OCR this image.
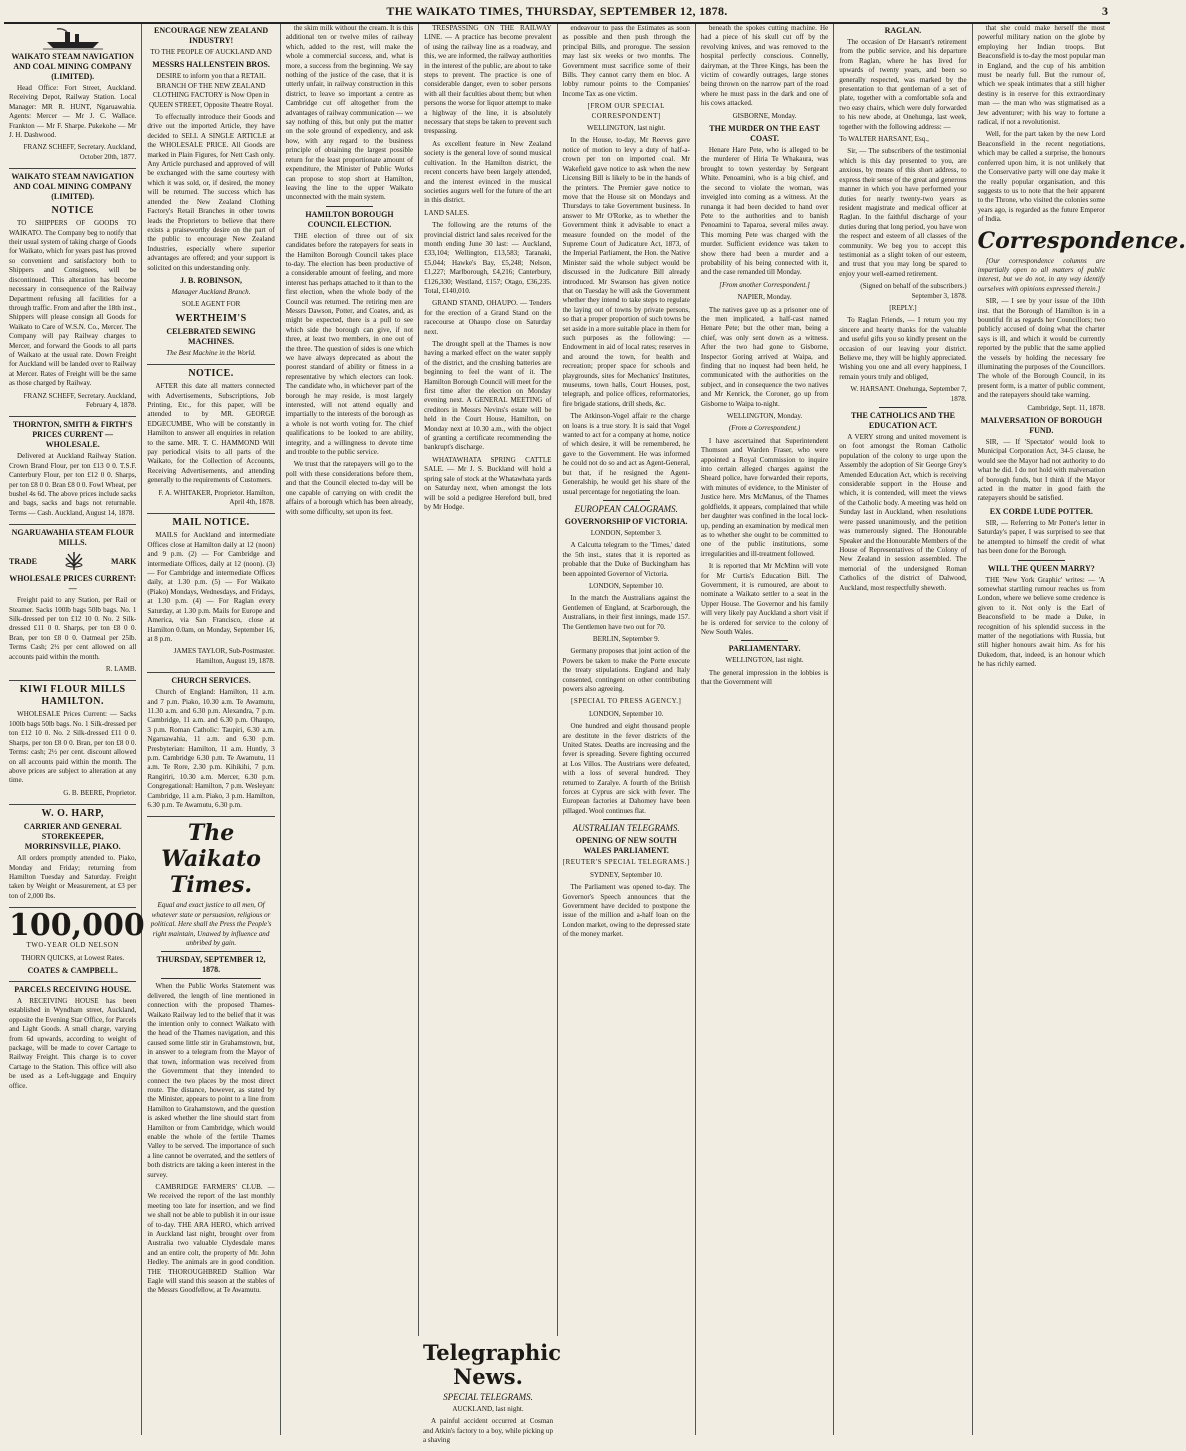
THE WAIKATO TIMES, THURSDAY, SEPTEMBER 12, 1878.	3

WAIKATO STEAM NAVIGATION AND COAL MINING COMPANY (LIMITED).

Head Office: Fort Street, Auckland. Receiving Depot, Railway Station. Local Manager: MR R. HUNT, Ngaruawahia. Agents: Mercer — Mr J. C. Wallace. Frankton — Mr F. Sharpe. Pukekohe — Mr J. H. Dashwood.

FRANZ SCHEFF, Secretary. Auckland, October 20th, 1877.

WAIKATO STEAM NAVIGATION AND COAL MINING COMPANY (LIMITED).

NOTICE

TO SHIPPERS OF GOODS TO WAIKATO. The Company beg to notify that their usual system of taking charge of Goods for Waikato, which for years past has proved so convenient and satisfactory both to Shippers and Consignees, will be discontinued. This alteration has become necessary in consequence of the Railway Department refusing all facilities for a through traffic. From and after the 18th inst., Shippers will please consign all Goods for Waikato to Care of W.S.N. Co., Mercer. The Company will pay Railway charges to Mercer, and forward the Goods to all parts of Waikato at the usual rate. Down Freight for Auckland will be landed over to Railway at Mercer. Rates of Freight will be the same as those charged by Railway.

FRANZ SCHEFF, Secretary. Auckland, February 4, 1878.

THORNTON, SMITH & FIRTH'S PRICES CURRENT — WHOLESALE.

Delivered at Auckland Railway Station. Crown Brand Flour, per ton £13 0 0. T.S.F. Canterbury Flour, per ton £12 0 0. Sharps, per ton £8 0 0. Bran £8 0 0. Fowl Wheat, per bushel 4s 6d. The above prices include sacks and bags, sacks and bags not returnable. Terms — Cash. Auckland, August 14, 1878.

NGARUAWAHIA STEAM FLOUR MILLS.

TRADE	MARK

WHOLESALE PRICES CURRENT: —

Freight paid to any Station, per Rail or Steamer. Sacks 100lb bags 50lb bags. No. 1 Silk-dressed per ton £12 10 0. No. 2 Silk-dressed £11 0 0. Sharps, per ton £8 0 0. Bran, per ton £8 0 0. Oatmeal per 25lb. Terms Cash; 2½ per cent allowed on all accounts paid within the month.

R. LAMB.

KIWI FLOUR MILLS HAMILTON.

WHOLESALE Prices Current: — Sacks 100lb bags 50lb bags. No. 1 Silk-dressed per ton £12 10 0. No. 2 Silk-dressed £11 0 0. Sharps, per ton £8 0 0. Bran, per ton £8 0 0. Terms: cash; 2½ per cent. discount allowed on all accounts paid within the month. The above prices are subject to alteration at any time.

G. B. BEERE, Proprietor.

W. O. HARP,

CARRIER AND GENERAL STOREKEEPER, MORRINSVILLE, PIAKO.

All orders promptly attended to. Piako, Monday and Friday; returning from Hamilton Tuesday and Saturday. Freight taken by Weight or Measurement, at £3 per ton of 2,000 lbs.

100,000

TWO-YEAR OLD NELSON

THORN QUICKS, at Lowest Rates.

COATES & CAMPBELL.

PARCELS RECEIVING HOUSE.

A RECEIVING HOUSE has been established in Wyndham street, Auckland, opposite the Evening Star Office, for Parcels and Light Goods. A small charge, varying from 6d upwards, according to weight of package, will be made to cover Cartage to Railway Freight. This charge is to cover Cartage to the Station. This office will also be used as a Left-luggage and Enquiry office.

ENCOURAGE NEW ZEALAND INDUSTRY!

TO THE PEOPLE OF AUCKLAND AND

MESSRS HALLENSTEIN BROS.

DESIRE to inform you that a RETAIL BRANCH OF THE NEW ZEALAND CLOTHING FACTORY is Now Open in QUEEN STREET, Opposite Theatre Royal.

To effectually introduce their Goods and drive out the imported Article, they have decided to SELL A SINGLE ARTICLE at the WHOLESALE PRICE. All Goods are marked in Plain Figures, for Nett Cash only. Any Article purchased and approved of will be exchanged with the same courtesy with which it was sold, or, if desired, the money will be returned. The success which has attended the New Zealand Clothing Factory's Retail Branches in other towns leads the Proprietors to believe that there exists a praiseworthy desire on the part of the public to encourage New Zealand Industries, especially where superior advantages are offered; and your support is solicited on this understanding only.

J. B. ROBINSON,

Manager Auckland Branch.

SOLE AGENT FOR

WERTHEIM'S

CELEBRATED SEWING MACHINES.

The Best Machine in the World.

NOTICE.

AFTER this date all matters connected with Advertisements, Subscriptions, Job Printing, Etc., for this paper, will be attended to by MR. GEORGE EDGECUMBE, Who will be constantly in Hamilton to answer all enquiries in relation to the same. MR. T. C. HAMMOND Will pay periodical visits to all parts of the Waikato, for the Collection of Accounts, Receiving Advertisements, and attending generally to the requirements of Customers.

F. A. WHITAKER, Proprietor. Hamilton, April 4th, 1878.

MAIL NOTICE.

MAILS for Auckland and intermediate Offices close at Hamilton daily at 12 (noon) and 9 p.m. (2) — For Cambridge and intermediate Offices, daily at 12 (noon). (3) — For Cambridge and intermediate Offices daily, at 1.30 p.m. (5) — For Waikato (Piako) Mondays, Wednesdays, and Fridays, at 1.30 p.m. (4) — For Raglan every Saturday, at 1.30 p.m. Mails for Europe and America, via San Francisco, close at Hamilton 0.0am, on Monday, September 16, at 8 p.m.

JAMES TAYLOR, Sub-Postmaster. Hamilton, August 19, 1878.

CHURCH SERVICES.

Church of England: Hamilton, 11 a.m. and 7 p.m. Piako, 10.30 a.m. Te Awamutu, 11.30 a.m. and 6.30 p.m. Alexandra, 7 p.m. Cambridge, 11 a.m. and 6.30 p.m. Ohaupo, 3 p.m. Roman Catholic: Taupiri, 6.30 a.m. Ngaruawahia, 11 a.m. and 6.30 p.m. Presbyterian: Hamilton, 11 a.m. Huntly, 3 p.m. Cambridge 6.30 p.m. Te Awamutu, 11 a.m. Te Rore, 2.30 p.m. Kihikihi, 7 p.m. Rangiriri, 10.30 a.m. Mercer, 6.30 p.m. Congregational: Hamilton, 7 p.m. Wesleyan: Cambridge, 11 a.m. Piako, 3 p.m. Hamilton, 6.30 p.m. Te Awamutu, 6.30 p.m.

The Waikato Times.

Equal and exact justice to all men, Of whatever state or persuasion, religious or political. Here shall the Press the People's right maintain, Unawed by influence and unbribed by gain.

THURSDAY, SEPTEMBER 12, 1878.

When the Public Works Statement was delivered, the length of line mentioned in connection with the proposed Thames-Waikato Railway led to the belief that it was the intention only to connect Waikato with the head of the Thames navigation, and this caused some little stir in Grahamstown, but, in answer to a telegram from the Mayor of that town, information was received from the Government that they intended to connect the two places by the most direct route. The distance, however, as stated by the Minister, appears to point to a line from Hamilton to Grahamstown, and the question is asked whether the line should start from Hamilton or from Cambridge, which would enable the whole of the fertile Thames Valley to be served. The importance of such a line cannot be overrated, and the settlers of both districts are taking a keen interest in the survey.

CAMBRIDGE FARMERS' CLUB. — We received the report of the last monthly meeting too late for insertion, and we find we shall not be able to publish it in our issue of to-day. THE ARA HERO, which arrived in Auckland last night, brought over from Australia two valuable Clydesdale mares and an entire colt, the property of Mr. John Hedley. The animals are in good condition. THE THOROUGHBRED Stallion War Eagle will stand this season at the stables of the Messrs Goodfellow, at Te Awamutu.

the skim milk without the cream. It is this additional ten or twelve miles of railway which, added to the rest, will make the whole a commercial success, and, what is more, a success from the beginning. We say nothing of the justice of the case, that it is utterly unfair, in railway construction in this district, to leave so important a centre as Cambridge cut off altogether from the advantages of railway communication — we say nothing of this, but only put the matter on the sole ground of expediency, and ask how, with any regard to the business principle of obtaining the largest possible return for the least proportionate amount of expenditure, the Minister of Public Works can propose to stop short at Hamilton, leaving the line to the upper Waikato unconnected with the main system.

HAMILTON BOROUGH COUNCIL ELECTION.

THE election of three out of six candidates before the ratepayers for seats in the Hamilton Borough Council takes place to-day. The election has been productive of a considerable amount of feeling, and more interest has perhaps attached to it than to the first election, when the whole body of the Council was returned. The retiring men are Messrs Dawson, Potter, and Coates, and, as might be expected, there is a pull to see which side the borough can give, if not three, at least two members, in one out of the three. The question of sides is one which we have always deprecated as about the poorest standard of ability or fitness in a representative by which electors can look. The candidate who, in whichever part of the borough he may reside, is most largely interested, will not attend equally and impartially to the interests of the borough as a whole is not worth voting for. The chief qualifications to be looked to are ability, integrity, and a willingness to devote time and trouble to the public service.

We trust that the ratepayers will go to the poll with these considerations before them, and that the Council elected to-day will be one capable of carrying on with credit the affairs of a borough which has been already, with some difficulty, set upon its feet.

TRESPASSING ON THE RAILWAY LINE. — A practice has become prevalent of using the railway line as a roadway, and this, we are informed, the railway authorities in the interest of the public, are about to take steps to prevent. The practice is one of considerable danger, even to sober persons with all their faculties about them; but when persons the worse for liquor attempt to make a highway of the line, it is absolutely necessary that steps be taken to prevent such trespassing.

As excellent feature in New Zealand society is the general love of sound musical cultivation. In the Hamilton district, the recent concerts have been largely attended, and the interest evinced in the musical societies augurs well for the future of the art in this district.

LAND SALES.

The following are the returns of the provincial district land sales received for the month ending June 30 last: — Auckland, £33,104; Wellington, £13,583; Taranaki, £5,044; Hawke's Bay, £5,248; Nelson, £1,227; Marlborough, £4,216; Canterbury, £126,330; Westland, £157; Otago, £36,235. Total, £140,010.

GRAND STAND, OHAUPO. — Tenders for the erection of a Grand Stand on the racecourse at Ohaupo close on Saturday next.

The drought spell at the Thames is now having a marked effect on the water supply of the district, and the crushing batteries are beginning to feel the want of it. The Hamilton Borough Council will meet for the first time after the election on Monday evening next. A GENERAL MEETING of creditors in Messrs Nevins's estate will be held in the Court House, Hamilton, on Monday next at 10.30 a.m., with the object of granting a certificate recommending the bankrupt's discharge.

WHATAWHATA SPRING CATTLE SALE. — Mr J. S. Buckland will hold a spring sale of stock at the Whatawhata yards on Saturday next, when amongst the lots will be sold a pedigree Hereford bull, bred by Mr Hodge.

endeavour to pass the Estimates as soon as possible and then push through the principal Bills, and prorogue. The session may last six weeks or two months. The Government must sacrifice some of their Bills. They cannot carry them en bloc. A lobby rumour points to the Companies' Income Tax as one victim.

[FROM OUR SPECIAL CORRESPONDENT]

WELLINGTON, last night.

In the House, to-day, Mr Reeves gave notice of motion to levy a duty of half-a-crown per ton on imported coal. Mr Wakefield gave notice to ask when the new Licensing Bill is likely to be in the hands of the printers. The Premier gave notice to move that the House sit on Mondays and Thursdays to take Government business. In answer to Mr O'Rorke, as to whether the Government think it advisable to enact a measure founded on the model of the Supreme Court of Judicature Act, 1873, of the Imperial Parliament, the Hon. the Native Minister said the whole subject would be discussed in the Judicature Bill already introduced. Mr Swanson has given notice that on Tuesday he will ask the Government whether they intend to take steps to regulate the laying out of towns by private persons, so that a proper proportion of such towns be set aside in a more suitable place in them for such purposes as the following: — Endowment in aid of local rates; reserves in and around the town, for health and recreation; proper space for schools and playgrounds, sites for Mechanics' Institutes, museums, town halls, Court Houses, post, telegraph, and police offices, reformatories, fire brigade stations, drill sheds, &c.

The Atkinson-Vogel affair re the charge on loans is a true story. It is said that Vogel wanted to act for a company at home, notice of which desire, it will be remembered, he gave to the Government. He was informed he could not do so and act as Agent-General, but that, if he resigned the Agent-Generalship, he would get his share of the usual percentage for negotiating the loan.

EUROPEAN CALOGRAMS.

GOVERNORSHIP OF VICTORIA.

LONDON, September 3.

A Calcutta telegram to the 'Times,' dated the 5th inst., states that it is reported as probable that the Duke of Buckingham has been appointed Governor of Victoria.

LONDON, September 10.

In the match the Australians against the Gentlemen of England, at Scarborough, the Australians, in their first innings, made 157. The Gentlemen have two out for 70.

BERLIN, September 9.

Germany proposes that joint action of the Powers be taken to make the Porte execute the treaty stipulations. England and Italy consented, contingent on other contributing powers also agreeing.

[SPECIAL TO PRESS AGENCY.]

LONDON, September 10.

One hundred and eight thousand people are destitute in the fever districts of the United States. Deaths are increasing and the fever is spreading. Severe fighting occurred at Los Villos. The Austrians were defeated, with a loss of several hundred. They returned to Zaralye. A fourth of the British forces at Cyprus are sick with fever. The European factories at Dahomey have been pillaged. Wool continues flat.

AUSTRALIAN TELEGRAMS.

OPENING OF NEW SOUTH WALES PARLIAMENT.

[REUTER'S SPECIAL TELEGRAMS.]

SYDNEY, September 10.

The Parliament was opened to-day. The Governor's Speech announces that the Government have decided to postpone the issue of the million and a-half loan on the London market, owing to the depressed state of the money market.

beneath the spokes cutting machine. He had a piece of his skull cut off by the revolving knives, and was removed to the hospital perfectly conscious. Connelly, dairyman, at the Three Kings, has been the victim of cowardly outrages, large stones being thrown on the narrow part of the road where he must pass in the dark and one of his cows attacked.

GISBORNE, Monday.

THE MURDER ON THE EAST COAST.

Henare Hare Pete, who is alleged to be the murderer of Hiria Te Whakaura, was brought to town yesterday by Sergeant White. Penoamini, who is a big chief, and the second to violate the woman, was inveigled into coming as a witness. At the runanga it had been decided to hand over Pete to the authorities and to banish Penoamini to Taparoa, several miles away. This morning Pete was charged with the murder. Sufficient evidence was taken to show there had been a murder and a probability of his being connected with it, and the case remanded till Monday.

[From another Correspondent.]

NAPIER, Monday.

The natives gave up as a prisoner one of the men implicated, a half-cast named Henare Pete; but the other man, being a chief, was only sent down as a witness. After the two had gone to Gisborne, Inspector Goring arrived at Waipa, and finding that no inquest had been held, he communicated with the authorities on the subject, and in consequence the two natives and Mr Kenrick, the Coroner, go up from Gisborne to Waipa to-night.

WELLINGTON, Monday.

(From a Correspondent.)

I have ascertained that Superintendent Thomson and Warden Fraser, who were appointed a Royal Commission to inquire into certain alleged charges against the Sheard police, have forwarded their reports, with minutes of evidence, to the Minister of Justice here. Mrs McManus, of the Thames goldfields, it appears, complained that while her daughter was confined in the local lock-up, pending an examination by medical men as to whether she ought to be committed to one of the public institutions, some irregularities and ill-treatment followed.

It is reported that Mr McMinn will vote for Mr Curtis's Education Bill. The Government, it is rumoured, are about to nominate a Waikato settler to a seat in the Upper House. The Governor and his family will very likely pay Auckland a short visit if he is ordered for service to the colony of New South Wales.

PARLIAMENTARY.

WELLINGTON, last night.

The general impression in the lobbies is that the Government will

RAGLAN.

The occasion of Dr Harsant's retirement from the public service, and his departure from Raglan, where he has lived for upwards of twenty years, and been so generally respected, was marked by the presentation to that gentleman of a set of plate, together with a comfortable sofa and two easy chairs, which were duly forwarded to his new abode, at Onehunga, last week, together with the following address: —

To WALTER HARSANT, Esq.,

Sir, — The subscribers of the testimonial which is this day presented to you, are anxious, by means of this short address, to express their sense of the great and generous manner in which you have performed your duties for nearly twenty-two years as resident magistrate and medical officer at Raglan. In the faithful discharge of your duties during that long period, you have won the respect and esteem of all classes of the community. We beg you to accept this testimonial as a slight token of our esteem, and trust that you may long be spared to enjoy your well-earned retirement.

(Signed on behalf of the subscribers.) September 3, 1878.

[REPLY.]

To Raglan Friends, — I return you my sincere and hearty thanks for the valuable and useful gifts you so kindly present on the occasion of our leaving your district. Believe me, they will be highly appreciated. Wishing you one and all every happiness, I remain yours truly and obliged,

W. HARSANT. Onehunga, September 7, 1878.

THE CATHOLICS AND THE EDUCATION ACT.

A VERY strong and united movement is on foot amongst the Roman Catholic population of the colony to urge upon the Assembly the adoption of Sir George Grey's Amended Education Act, which is receiving considerable support in the House and which, it is contended, will meet the views of the Catholic body. A meeting was held on Sunday last in Auckland, when resolutions were passed unanimously, and the petition was numerously signed. The Honourable Speaker and the Honourable Members of the House of Representatives of the Colony of New Zealand in session assembled. The memorial of the undersigned Roman Catholics of the district of Dalwood, Auckland, most respectfully sheweth.

that she could make herself the most powerful military nation on the globe by employing her Indian troops. But Beaconsfield is to-day the most popular man in England, and the cup of his ambition must be nearly full. But the rumour of, which we speak intimates that a still higher destiny is in reserve for this extraordinary man — the man who was stigmatised as a Jew adventurer; with his way to fortune a radical, if not a revolutionist.

Well, for the part taken by the new Lord Beaconsfield in the recent negotiations, which may be called a surprise, the honours conferred upon him, it is not unlikely that the Conservative party will one day make it the really popular organisation, and this suggests to us to note that the heir apparent to the Throne, who visited the colonies some years ago, is regarded as the future Emperor of India.

Correspondence.

[Our correspondence columns are impartially open to all matters of public interest, but we do not, in any way identify ourselves with opinions expressed therein.]

SIR, — I see by your issue of the 10th inst. that the Borough of Hamilton is in a bountiful fit as regards her Councillors; two publicly accused of doing what the charter says is ill, and which it would be currently reported by the public that the same applied the vessels by holding the necessary fee illuminating the purposes of the Councillors. The whole of the Borough Council, in its present form, is a matter of public comment, and the ratepayers should take warning.

Cambridge, Sept. 11, 1878.

MALVERSATION OF BOROUGH FUND.

SIR, — If 'Spectator' would look to Municipal Corporation Act, 34-5 clause, he would see the Mayor had not authority to do what he did. I do not hold with malversation of borough funds, but I think if the Mayor acted in the matter in good faith the ratepayers should be satisfied.

EX CORDE LUDE POTTER.

SIR, — Referring to Mr Potter's letter in Saturday's paper, I was surprised to see that he attempted to himself the credit of what has been done for the Borough.

WILL THE QUEEN MARRY?

THE 'New York Graphic' writes: — 'A somewhat startling rumour reaches us from London, where we believe some credence is given to it. Not only is the Earl of Beaconsfield to be made a Duke, in recognition of his splendid success in the matter of the negotiations with Russia, but still higher honours await him. As for his Dukedom, that, indeed, is an honour which he has richly earned.

Telegraphic News.

SPECIAL TELEGRAMS.

AUCKLAND, last night.

A painful accident occurred at Cosman and Atkin's factory to a boy, while picking up a shaving
